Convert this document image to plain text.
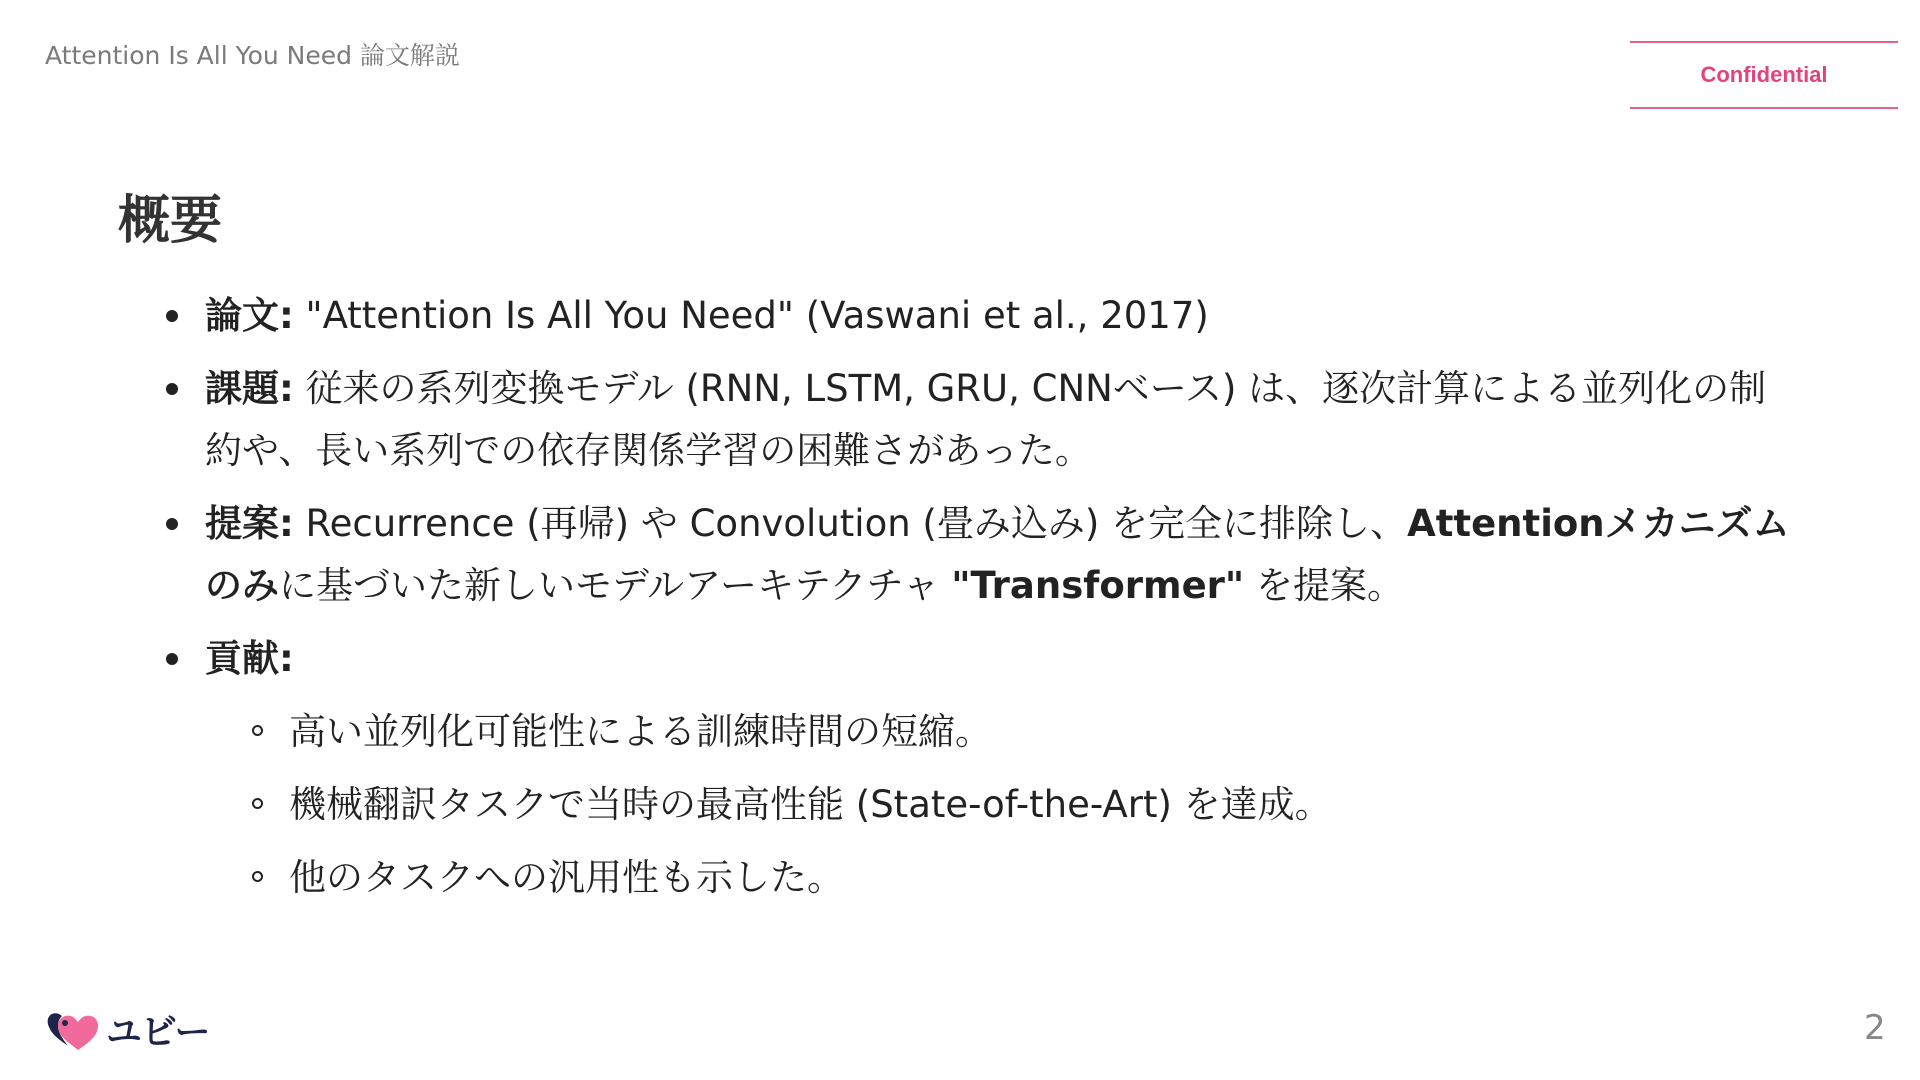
Attention Is All You Need 論文解説
Confidential
概要
論文: "Attention Is All You Need" (Vaswani et al., 2017)
課題: 従来の系列変換モデル (RNN, LSTM, GRU, CNNベース) は、逐次計算による並列化の制約や、長い系列での依存関係学習の困難さがあった。
提案: Recurrence (再帰) や Convolution (畳み込み) を完全に排除し、Attentionメカニズムのみに基づいた新しいモデルアーキテクチャ "Transformer" を提案。
貢献:
高い並列化可能性による訓練時間の短縮。
機械翻訳タスクで当時の最高性能 (State-of-the-Art) を達成。
他のタスクへの汎用性も示した。
ユビー	2
